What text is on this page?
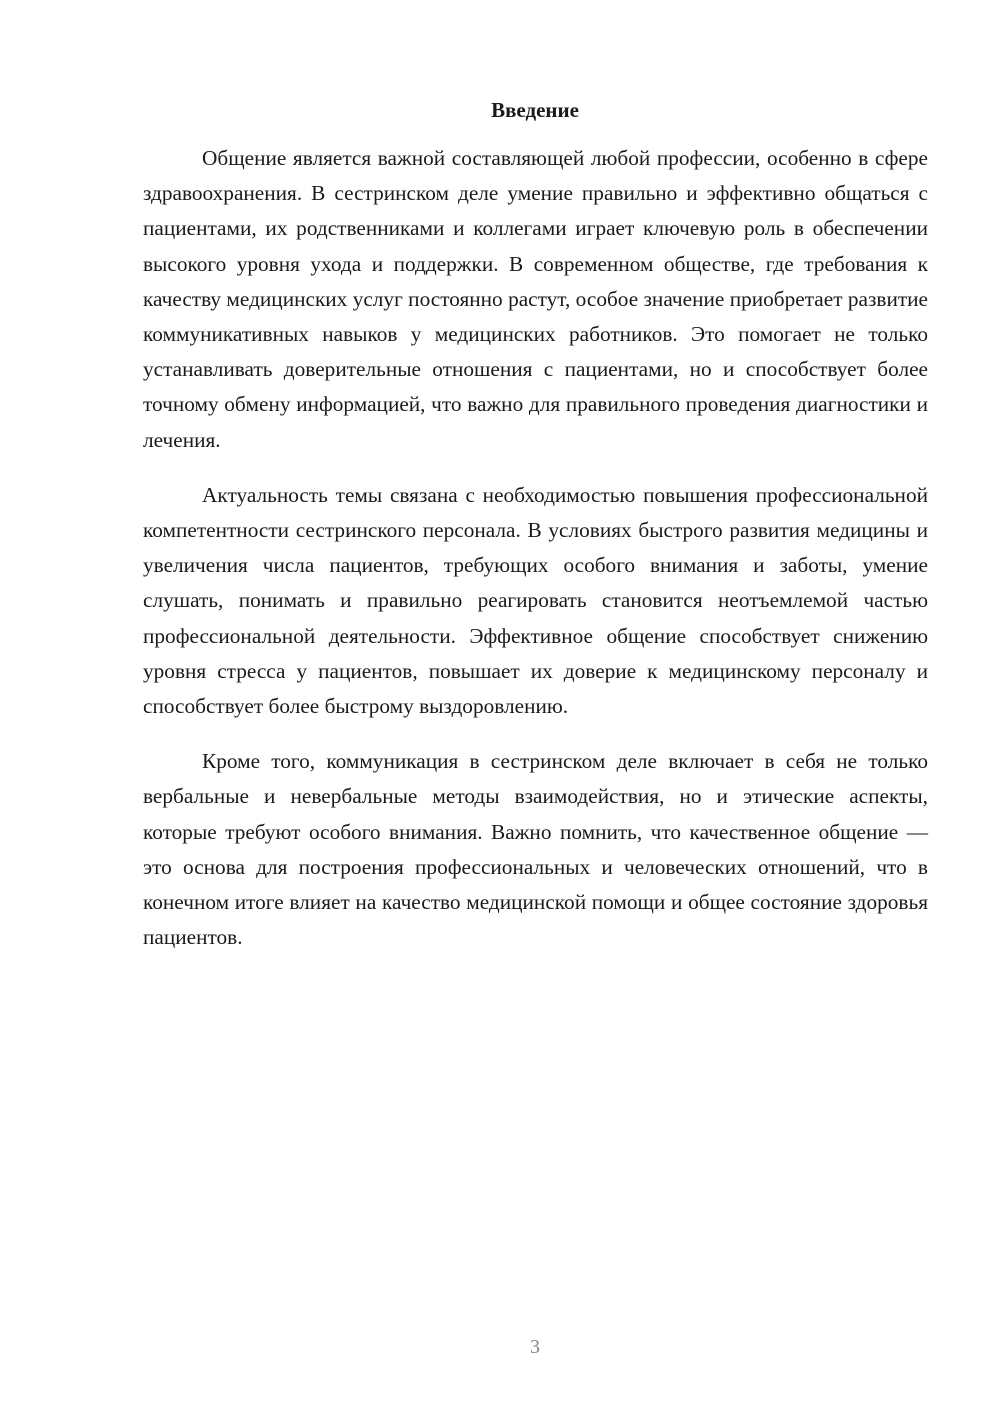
Введение

Общение является важной составляющей любой профессии, особенно в сфере здравоохранения. В сестринском деле умение правильно и эффективно общаться с пациентами, их родственниками и коллегами играет ключевую роль в обеспечении высокого уровня ухода и поддержки. В современном обществе, где требования к качеству медицинских услуг постоянно растут, особое значение приобретает развитие коммуникативных навыков у медицинских работников. Это помогает не только устанавливать доверительные отношения с пациентами, но и способствует более точному обмену информацией, что важно для правильного проведения диагностики и лечения.

Актуальность темы связана с необходимостью повышения профессиональной компетентности сестринского персонала. В условиях быстрого развития медицины и увеличения числа пациентов, требующих особого внимания и заботы, умение слушать, понимать и правильно реагировать становится неотъемлемой частью профессиональной деятельности. Эффективное общение способствует снижению уровня стресса у пациентов, повышает их доверие к медицинскому персоналу и способствует более быстрому выздоровлению.

Кроме того, коммуникация в сестринском деле включает в себя не только вербальные и невербальные методы взаимодействия, но и этические аспекты, которые требуют особого внимания. Важно помнить, что качественное общение — это основа для построения профессиональных и человеческих отношений, что в конечном итоге влияет на качество медицинской помощи и общее состояние здоровья пациентов.

3
